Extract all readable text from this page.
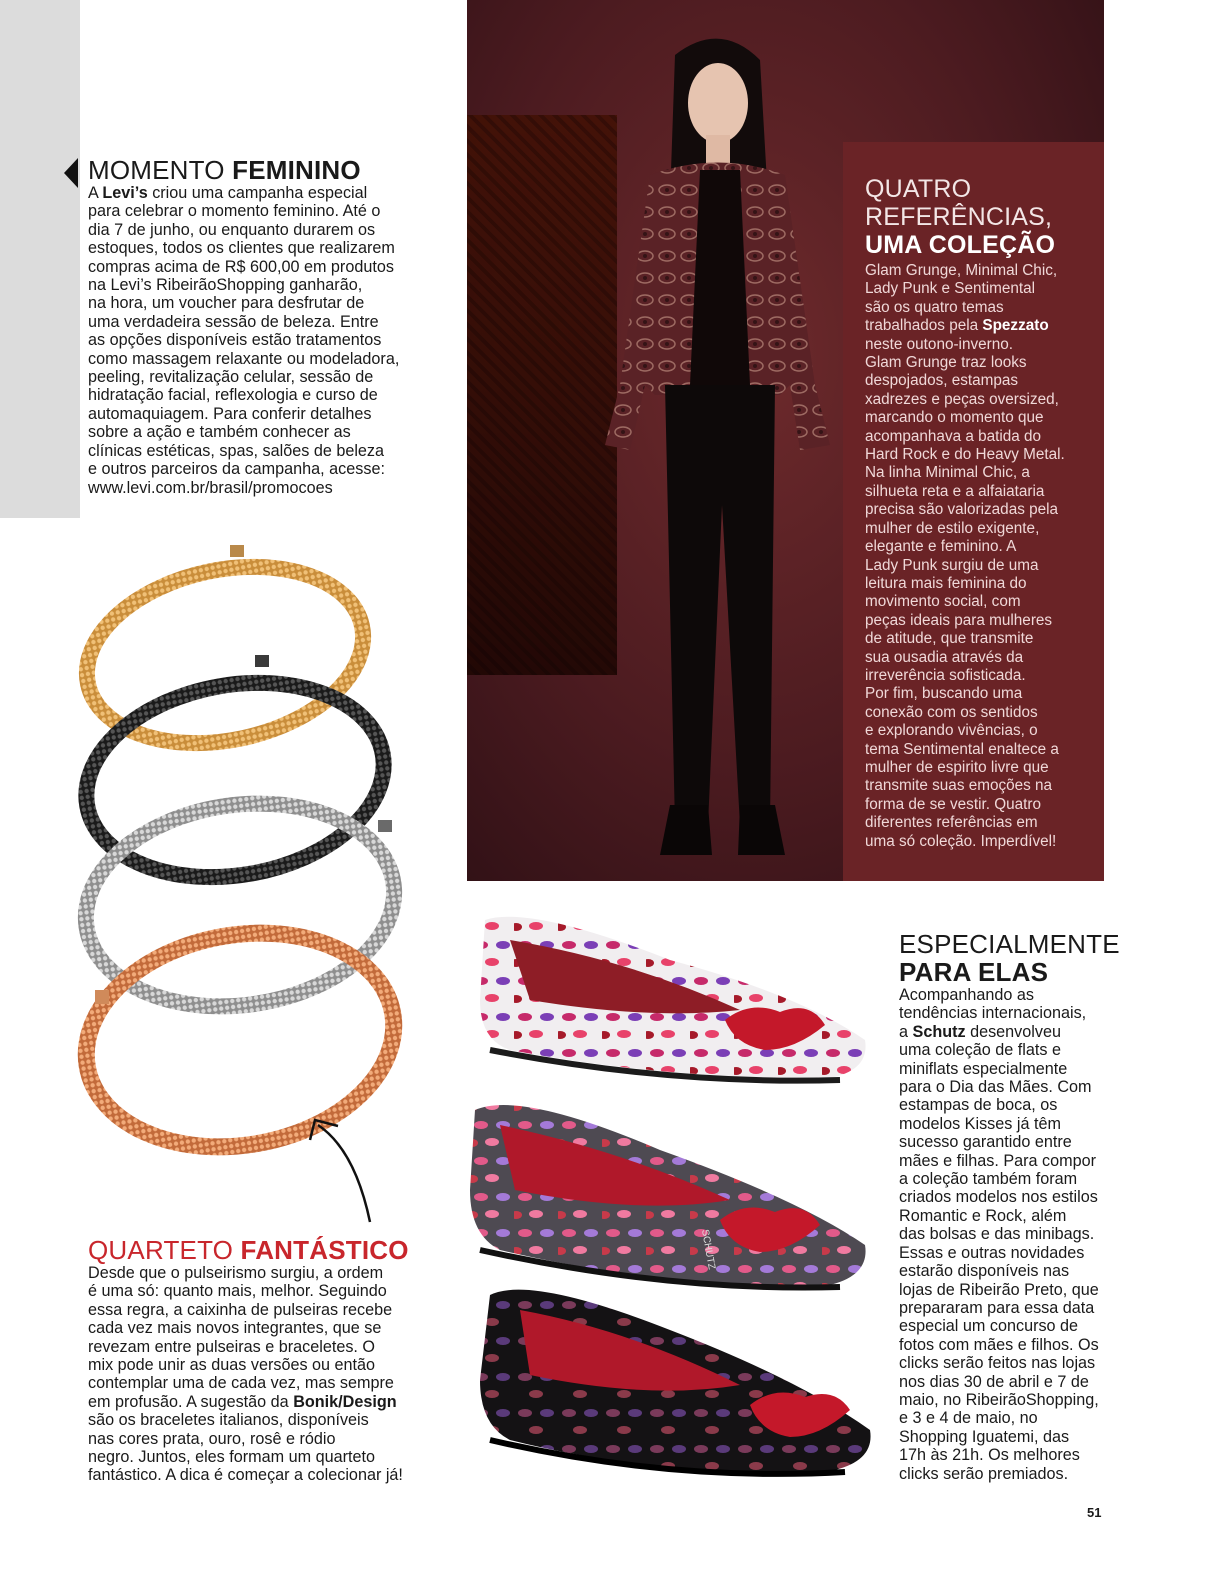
MOMENTO FEMININO
A Levi’s criou uma campanha especial
para celebrar o momento feminino. Até o
dia 7 de junho, ou enquanto durarem os
estoques, todos os clientes que realizarem
compras acima de R$ 600,00 em produtos
na Levi’s RibeirãoShopping ganharão,
na hora, um voucher para desfrutar de
uma verdadeira sessão de beleza. Entre
as opções disponíveis estão tratamentos
como massagem relaxante ou modeladora,
peeling, revitalização celular, sessão de
hidratação facial, reflexologia e curso de
automaquiagem. Para conferir detalhes
sobre a ação e também conhecer as
clínicas estéticas, spas, salões de beleza
e outros parceiros da campanha, acesse:
www.levi.com.br/brasil/promocoes
QUATRO
REFERÊNCIAS,
UMA COLEÇÃO
Glam Grunge, Minimal Chic,
Lady Punk e Sentimental
são os quatro temas
trabalhados pela Spezzato
neste outono-inverno.
Glam Grunge traz looks
despojados, estampas
xadrezes e peças oversized,
marcando o momento que
acompanhava a batida do
Hard Rock e do Heavy Metal.
Na linha Minimal Chic, a
silhueta reta e a alfaiataria
precisa são valorizadas pela
mulher de estilo exigente,
elegante e feminino. A
Lady Punk surgiu de uma
leitura mais feminina do
movimento social, com
peças ideais para mulheres
de atitude, que transmite
sua ousadia através da
irreverência sofisticada.
Por fim, buscando uma
conexão com os sentidos
e explorando vivências, o
tema Sentimental enaltece a
mulher de espirito livre que
transmite suas emoções na
forma de se vestir. Quatro
diferentes referências em
uma só coleção. Imperdível!
QUARTETO FANTÁSTICO
Desde que o pulseirismo surgiu, a ordem
é uma só: quanto mais, melhor. Seguindo
essa regra, a caixinha de pulseiras recebe
cada vez mais novos integrantes, que se
revezam entre pulseiras e braceletes. O
mix pode unir as duas versões ou então
contemplar uma de cada vez, mas sempre
em profusão. A sugestão da Bonik/Design
são os braceletes italianos, disponíveis
nas cores prata, ouro, rosê e ródio
negro. Juntos, eles formam um quarteto
fantástico. A dica é começar a colecionar já!
SCHUTZ
ESPECIALMENTE
PARA ELAS
Acompanhando as
tendências internacionais,
a Schutz desenvolveu
uma coleção de flats e
miniflats especialmente
para o Dia das Mães. Com
estampas de boca, os
modelos Kisses já têm
sucesso garantido entre
mães e filhas. Para compor
a coleção também foram
criados modelos nos estilos
Romantic e Rock, além
das bolsas e das minibags.
Essas e outras novidades
estarão disponíveis nas
lojas de Ribeirão Preto, que
prepararam para essa data
especial um concurso de
fotos com mães e filhos. Os
clicks serão feitos nas lojas
nos dias 30 de abril e 7 de
maio, no RibeirãoShopping,
e 3 e 4 de maio, no
Shopping Iguatemi, das
17h às 21h. Os melhores
clicks serão premiados.
51
